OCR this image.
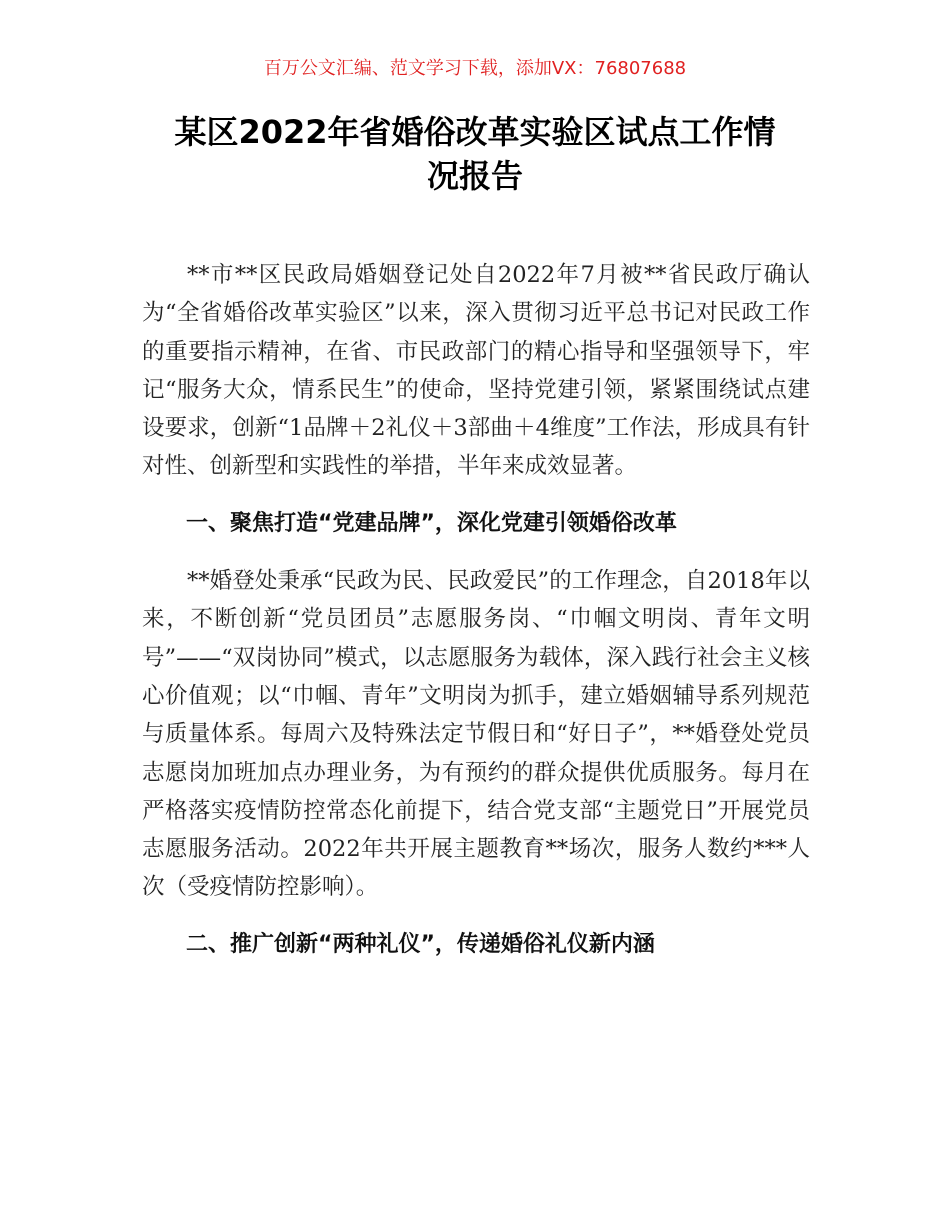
百万公文汇编、范文学习下载，添加VX：76807688
某区2022年省婚俗改革实验区试点工作情
况报告

**市**区民政局婚姻登记处自2022年7月被**省民政厅确认为“全省婚俗改革实验区”以来，深入贯彻习近平总书记对民政工作的重要指示精神，在省、市民政部门的精心指导和坚强领导下，牢记“服务大众，情系民生”的使命，坚持党建引领，紧紧围绕试点建设要求，创新“1品牌＋2礼仪＋3部曲＋4维度”工作法，形成具有针对性、创新型和实践性的举措，半年来成效显著。

一、聚焦打造“党建品牌”，深化党建引领婚俗改革

**婚登处秉承“民政为民、民政爱民”的工作理念，自2018年以来，不断创新“党员团员”志愿服务岗、“巾帼文明岗、青年文明号”——“双岗协同”模式，以志愿服务为载体，深入践行社会主义核心价值观；以“巾帼、青年”文明岗为抓手，建立婚姻辅导系列规范与质量体系。每周六及特殊法定节假日和“好日子”，**婚登处党员志愿岗加班加点办理业务，为有预约的群众提供优质服务。每月在严格落实疫情防控常态化前提下，结合党支部“主题党日”开展党员志愿服务活动。2022年共开展主题教育**场次，服务人数约***人次（受疫情防控影响）。

二、推广创新“两种礼仪”，传递婚俗礼仪新内涵
